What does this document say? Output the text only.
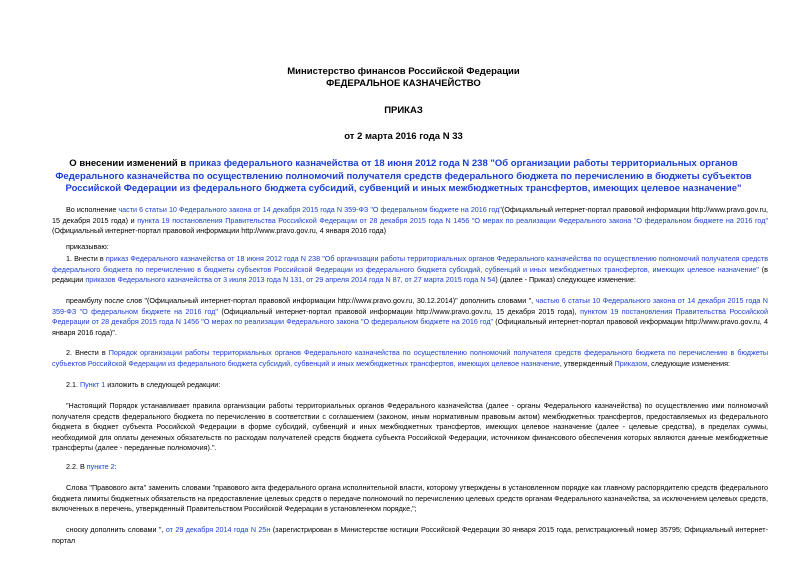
Министерство финансов Российской Федерации
ФЕДЕРАЛЬНОЕ КАЗНАЧЕЙСТВО
ПРИКАЗ
от 2 марта 2016 года N 33
О внесении изменений в приказ федерального казначейства от 18 июня 2012 года N 238 "Об организации работы территориальных органов Федерального казначейства по осуществлению полномочий получателя средств федерального бюджета по перечислению в бюджеты субъектов Российской Федерации из федерального бюджета субсидий, субвенций и иных межбюджетных трансфертов, имеющих целевое назначение"
Во исполнение части 6 статьи 10 Федерального закона от 14 декабря 2015 года N 359-ФЗ "О федеральном бюджете на 2016 год"(Официальный интернет-портал правовой информации http://www.pravo.gov.ru, 15 декабря 2015 года) и пункта 19 постановления Правительства Российской Федерации от 28 декабря 2015 года N 1456 "О мерах по реализации Федерального закона "О федеральном бюджете на 2016 год" (Официальный интернет-портал правовой информации http://www.pravo.gov.ru, 4 января 2016 года)
приказываю:
1. Внести в приказ Федерального казначейства от 18 июня 2012 года N 238 "Об организации работы территориальных органов Федерального казначейства по осуществлению полномочий получателя средств федерального бюджета по перечислению в бюджеты субъектов Российской Федерации из федерального бюджета субсидий, субвенций и иных межбюджетных трансфертов, имеющих целевое назначение" (в редакции приказов Федерального казначейства от 3 июля 2013 года N 131, от 29 апреля 2014 года N 87, от 27 марта 2015 года N 54) (далее - Приказ) следующее изменение:
преамбулу после слов "(Официальный интернет-портал правовой информации http://www.pravo.gov.ru, 30.12.2014)" дополнить словами ", частью 6 статьи 10 Федерального закона от 14 декабря 2015 года N 359-ФЗ "О федеральном бюджете на 2016 год" (Официальный интернет-портал правовой информации http://www.pravo.gov.ru, 15 декабря 2015 года), пунктом 19 постановления Правительства Российской Федерации от 28 декабря 2015 года N 1456 "О мерах по реализации Федерального закона "О федеральном бюджете на 2016 год" (Официальный интернет-портал правовой информации http://www.pravo.gov.ru, 4 января 2016 года)".
2. Внести в Порядок организации работы территориальных органов Федерального казначейства по осуществлению полномочий получателя средств федерального бюджета по перечислению в бюджеты субъектов Российской Федерации из федерального бюджета субсидий, субвенций и иных межбюджетных трансфертов, имеющих целевое назначение, утвержденный Приказом, следующие изменения:
2.1. Пункт 1 изложить в следующей редакции:
"Настоящий Порядок устанавливает правила организации работы территориальных органов Федерального казначейства (далее - органы Федерального казначейства) по осуществлению ими полномочий получателя средств федерального бюджета по перечислению в соответствии с соглашением (законом, иным нормативным правовым актом) межбюджетных трансфертов, предоставляемых из федерального бюджета в бюджет субъекта Российской Федерации в форме субсидий, субвенций и иных межбюджетных трансфертов, имеющих целевое назначение (далее - целевые средства), в пределах суммы, необходимой для оплаты денежных обязательств по расходам получателей средств бюджета субъекта Российской Федерации, источником финансового обеспечения которых являются данные межбюджетные трансферты (далее - переданные полномочия).".
2.2. В пункте 2:
Слова "Правового акта" заменить словами "правового акта федерального органа исполнительной власти, которому утверждены в установленном порядке как главному распорядителю средств федерального бюджета лимиты бюджетных обязательств на предоставление целевых средств о передаче полномочий по перечислению целевых средств органам Федерального казначейства, за исключением целевых средств, включенных в перечень, утвержденный Правительством Российской Федерации в установленном порядке,";
сноску дополнить словами ", от 29 декабря 2014 года N 25н (зарегистрирован в Министерстве юстиции Российской Федерации 30 января 2015 года, регистрационный номер 35795; Официальный интернет-портал
